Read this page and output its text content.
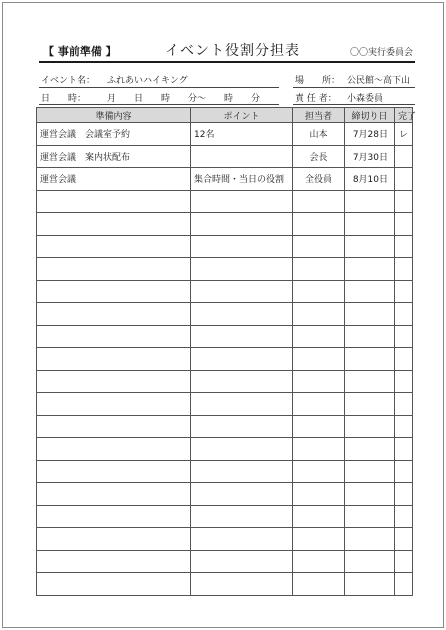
【 事前準備 】	イベント役割分担表	〇〇実行委員会
イベント名： ふれあいハイキング
日　　時： 月　　日　　時　　分～　　時　　分
場　　所： 公民館～高下山
責 任 者： 小森委員
準備内容	ポイント	担当者	締切り日	完了
運営会議　会議室予約	12名	山本	7月28日	レ
運営会議　案内状配布		会長	7月30日	
運営会議	集合時間・当日の役割	全役員	8月10日	
